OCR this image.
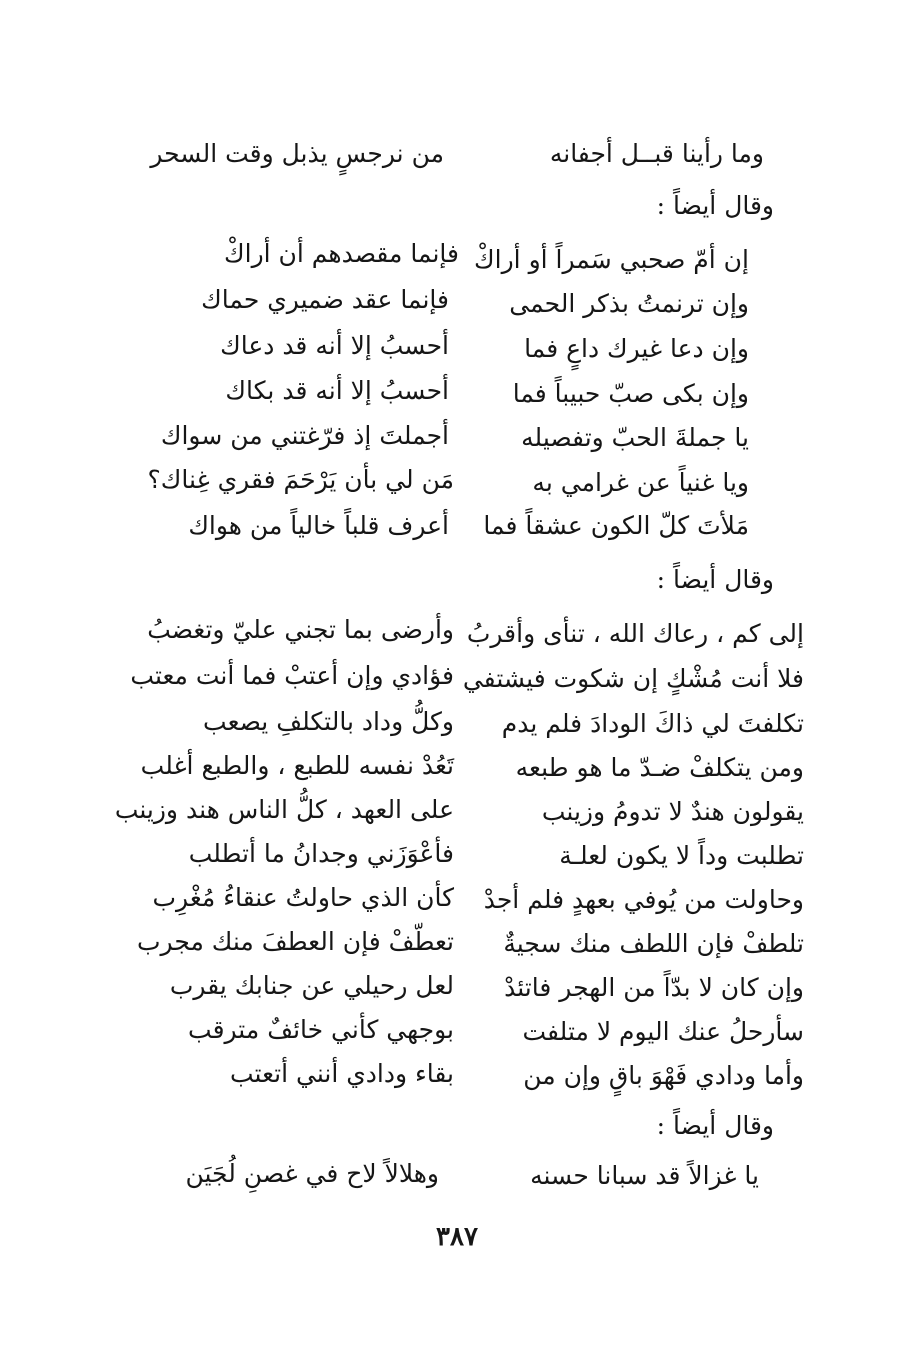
وما رأينا قبــل أجفانه
من نرجسٍ يذبل وقت السحر
وقال أيضاً :
إن أمّ صحبي سَمراً أو أراكْ
فإنما مقصدهم أن أراكْ
وإن ترنمتُ بذكر الحمى
فإنما عقد ضميري حماك
وإن دعا غيرك داعٍ فما
أحسبُ إلا أنه قد دعاك
وإن بكى صبّ حبيباً فما
أحسبُ إلا أنه قد بكاك
يا جملةَ الحبّ وتفصيله
أجملتَ إذ فرّغتني من سواك
ويا غنياً عن غرامي به
مَن لي بأن يَرْحَمَ فقري غِناك؟
مَلأتَ كلّ الكون عشقاً فما
أعرف قلباً خالياً من هواك
وقال أيضاً :
إلى كم ، رعاك الله ، تنأى وأقربُ
وأرضى بما تجني عليّ وتغضبُ
فلا أنت مُشْكٍ إن شكوت فيشتفي
فؤادي وإن أعتبْ فما أنت معتب
تكلفتَ لي ذاكَ الودادَ فلم يدم
وكلُّ وداد بالتكلفِ يصعب
ومن يتكلفْ ضـدّ ما هو طبعه
تَعُدْ نفسه للطبع ، والطبع أغلب
يقولون هندٌ لا تدومُ وزينب
على العهد ، كلُّ الناس هند وزينب
تطلبت وداً لا يكون لعلـة
فأعْوَزَني وجدانُ ما أتطلب
وحاولت من يُوفي بعهدٍ فلم أجدْ
كأن الذي حاولتُ عنقاءُ مُغْرِب
تلطفْ فإن اللطف منك سجيةٌ
تعطّفْ فإن العطفَ منك مجرب
وإن كان لا بدّاً من الهجر فاتئدْ
لعل رحيلي عن جنابك يقرب
سأرحلُ عنك اليوم لا متلفت
بوجهي كأني خائفٌ مترقب
وأما ودادي فَهْوَ باقٍ وإن من
بقاء ودادي أنني أتعتب
وقال أيضاً :
يا غزالاً قد سبانا حسنه
وهلالاً لاح في غصنِ لُجَيَن
٣٨٧
